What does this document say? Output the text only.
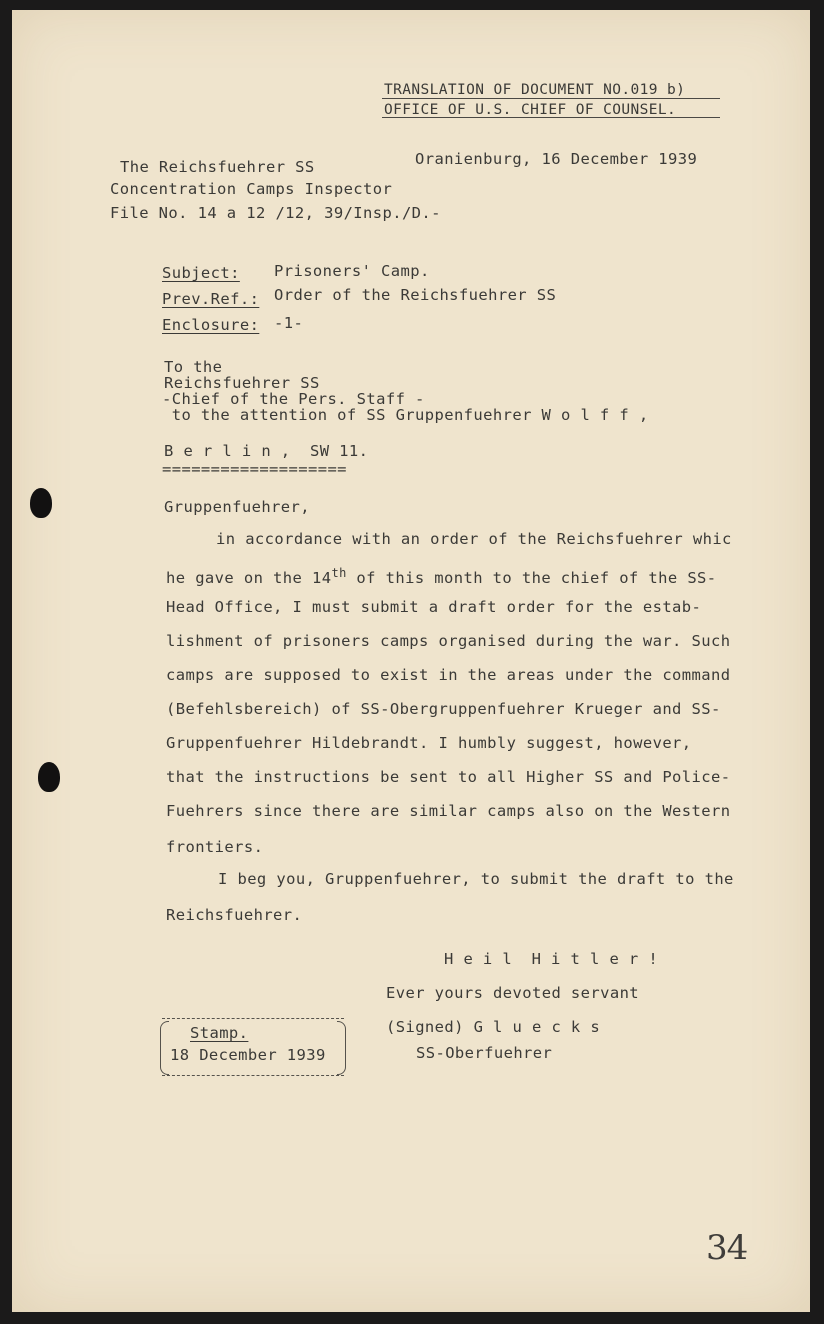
TRANSLATION OF DOCUMENT NO.019 b)
OFFICE OF U.S. CHIEF OF COUNSEL.
The Reichsfuehrer SS	Oranienburg, 16 December 1939
Concentration Camps Inspector
File No. 14 a 12 /12, 39/Insp./D.-
Subject: Prisoners' Camp.
Prev.Ref.: Order of the Reichsfuehrer SS
Enclosure: -1-
To the
Reichsfuehrer SS
-Chief of the Pers. Staff -
to the attention of SS Gruppenfuehrer W o l f f ,
B e r l i n ,  SW 11.
===================
Gruppenfuehrer,
in accordance with an order of the Reichsfuehrer whic
he gave on the 14th of this month to the chief of the SS-
Head Office, I must submit a draft order for the estab-
lishment of prisoners camps organised during the war. Such
camps are supposed to exist in the areas under the command
(Befehlsbereich) of SS-Obergruppenfuehrer Krueger and SS-
Gruppenfuehrer Hildebrandt. I humbly suggest, however,
that the instructions be sent to all Higher SS and Police-
Fuehrers since there are similar camps also on the Western
frontiers.
I beg you, Gruppenfuehrer, to submit the draft to the
Reichsfuehrer.
H e i l  H i t l e r !
Ever yours devoted servant
(Signed) G l u e c k s
SS-Oberfuehrer
Stamp.
18 December 1939
34
